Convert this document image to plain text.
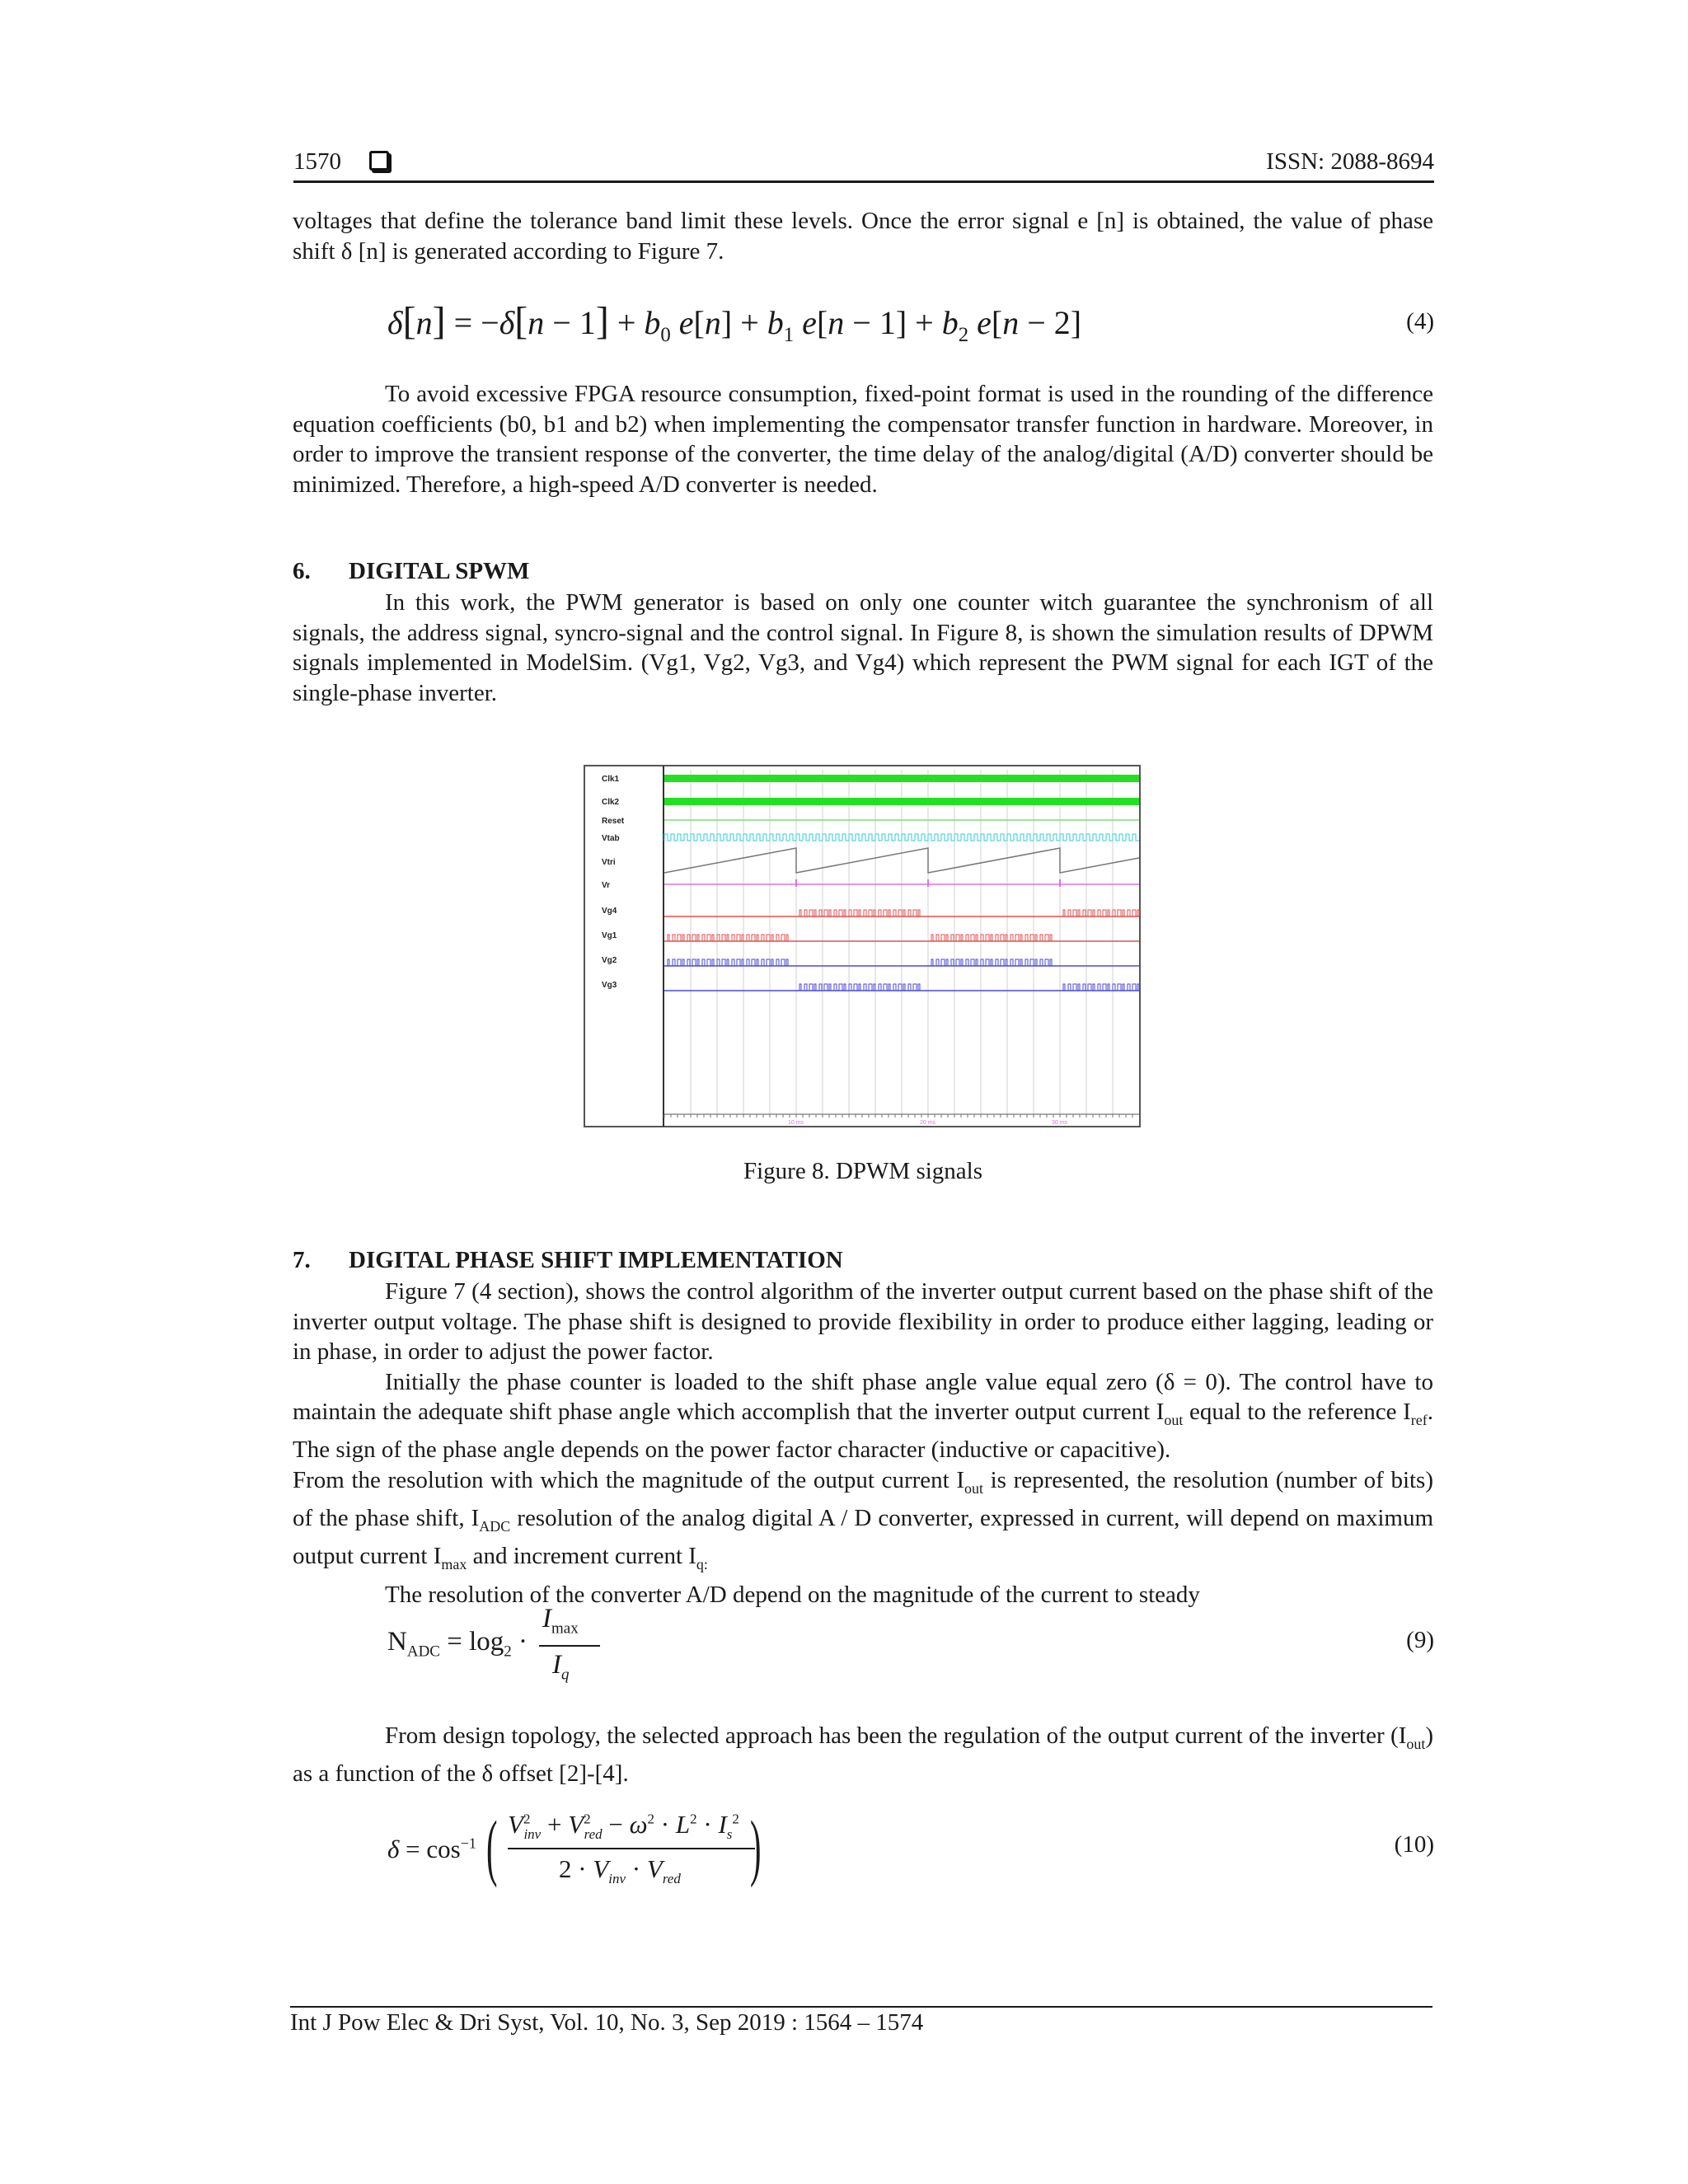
1570	ISSN: 2088-8694

voltages that define the tolerance band limit these levels. Once the error signal e [n] is obtained, the value of phase shift δ [n] is generated according to Figure 7.

$\delta[n] = -\delta[n - 1] + b_0$ $e[n] + b_1$ $e[n - 1] + b_2$ e[n − 2]	(4)

To avoid excessive FPGA resource consumption, fixed-point format is used in the rounding of the difference equation coefficients (b0, b1 and b2) when implementing the compensator transfer function in hardware. Moreover, in order to improve the transient response of the converter, the time delay of the analog/digital (A/D) converter should be minimized. Therefore, a high-speed A/D converter is needed.

6. DIGITAL SPWM

In this work, the PWM generator is based on only one counter witch guarantee the synchronism of all signals, the address signal, syncro-signal and the control signal. In Figure 8, is shown the simulation results of DPWM signals implemented in ModelSim. (Vg1, Vg2, Vg3, and Vg4) which represent the PWM signal for each IGT of the single-phase inverter.

Clk1
Clk2
Reset
Vtab
Vtri
Vr
Vg4
Vg1
Vg2
Vg3
10 ms	20 ms	30 ms
Figure 8. DPWM signals
7. DIGITAL PHASE SHIFT IMPLEMENTATION

Figure 7 (4 section), shows the control algorithm of the inverter output current based on the phase shift of the inverter output voltage. The phase shift is designed to provide flexibility in order to produce either lagging, leading or in phase, in order to adjust the power factor.

Initially the phase counter is loaded to the shift phase angle value equal zero (δ = 0). The control have to maintain the adequate shift phase angle which accomplish that the inverter output current $I_{out}$ equal to the reference $I_{ref}$. The sign of the phase angle depends on the power factor character (inductive or capacitive).

From the resolution with which the magnitude of the output current $I_{out}$ is represented, the resolution (number of bits) of the phase shift, $I_{ADC}$ resolution of the analog digital A / D converter, expressed in current, will depend on maximum output current $I_{max}$ and increment current $I_{q:}$

The resolution of the converter A/D depend on the magnitude of the current to steady

$N_{ADC} = \log_2$ ·
$I_{max}$
$I_q$
(9)

From design topology, the selected approach has been the regulation of the output current of the inverter $(I_{out})$ as a function of the δ offset [2]-[4].

$\delta = \cos^{-1}$ ( $V^2_{inv} + V^2_{red} - \omega^2 \cdot L^2 \cdot I_s^2$
$2 \cdot V_{inv} \cdot V_{red}$ )	(10)
Int J Pow Elec & Dri Syst, Vol. 10, No. 3, Sep 2019 : 1564 – 1574
